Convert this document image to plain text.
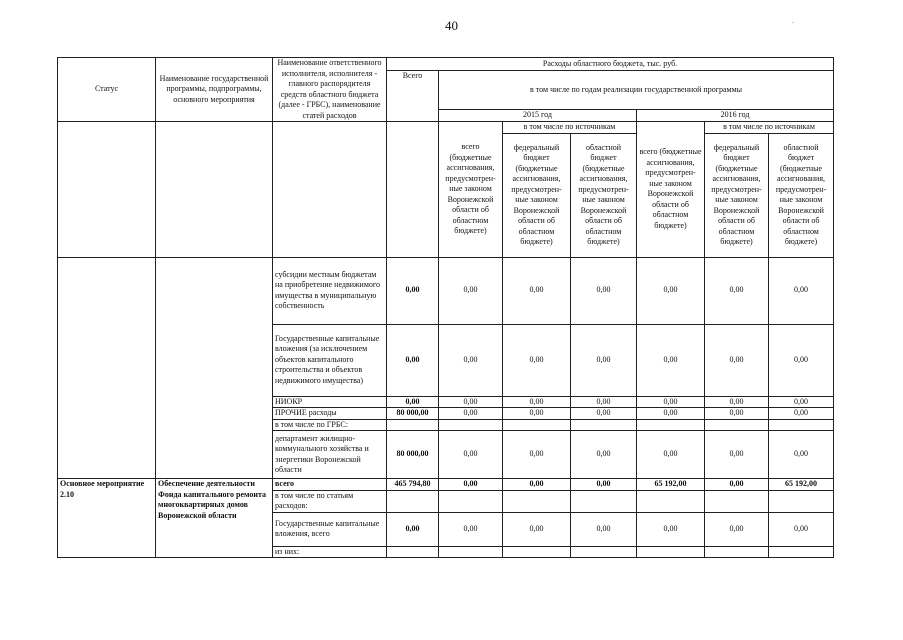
40	.
Статус	Наименование государственной программы, подпрограммы, основного мероприятия	Наименование ответственного исполнителя, исполнителя - главного распорядителя средств областного бюджета (далее - ГРБС), наименование статей расходов	Расходы областного бюджета, тыс. руб.						
			Всего	в том числе по годам реализации государственной программы					
				2015 год			2016 год		
				всего (бюджетные ассигнования, предусмотрен-ные законом Воронежской области об областном бюджете)	в том числе по источникам		всего (бюджетные ассигнования, предусмотрен-ные законом Воронежской области об областном бюджете)	в том числе по источникам	
					федеральный бюджет (бюджетные ассигнования, предусмотрен-ные законом Воронежской области об областном бюджете)	областной бюджет (бюджетные ассигнования, предусмотрен-ные законом Воронежской области об областном бюджете)		федеральный бюджет (бюджетные ассигнования, предусмотрен-ные законом Воронежской области об областном бюджете)	областной бюджет (бюджетные ассигнования, предусмотрен-ные законом Воронежской области об областном бюджете)
		субсидии местным бюджетам на приобретение недвижимого имущества в муниципальную собственность	0,00	0,00	0,00	0,00	0,00	0,00	0,00
		Государственные капитальные вложения (за исключением объектов капитального строительства и объектов недвижимого имущества)	0,00	0,00	0,00	0,00	0,00	0,00	0,00
		НИОКР	0,00	0,00	0,00	0,00	0,00	0,00	0,00
		ПРОЧИЕ расходы	80 000,00	0,00	0,00	0,00	0,00	0,00	0,00
		в том числе по ГРБС:							
		департамент жилищно-коммунального хозяйства и энергетики Воронежской области	80 000,00	0,00	0,00	0,00	0,00	0,00	0,00
Основное мероприятие 2.10	Обеспечение деятельности Фонда капитального ремонта многоквартирных домов Воронежской области	всего	465 794,80	0,00	0,00	0,00	65 192,00	0,00	65 192,00
		в том числе по статьям расходов:							
		Государственные капитальные вложения, всего	0,00	0,00	0,00	0,00	0,00	0,00	0,00
		из них:							
